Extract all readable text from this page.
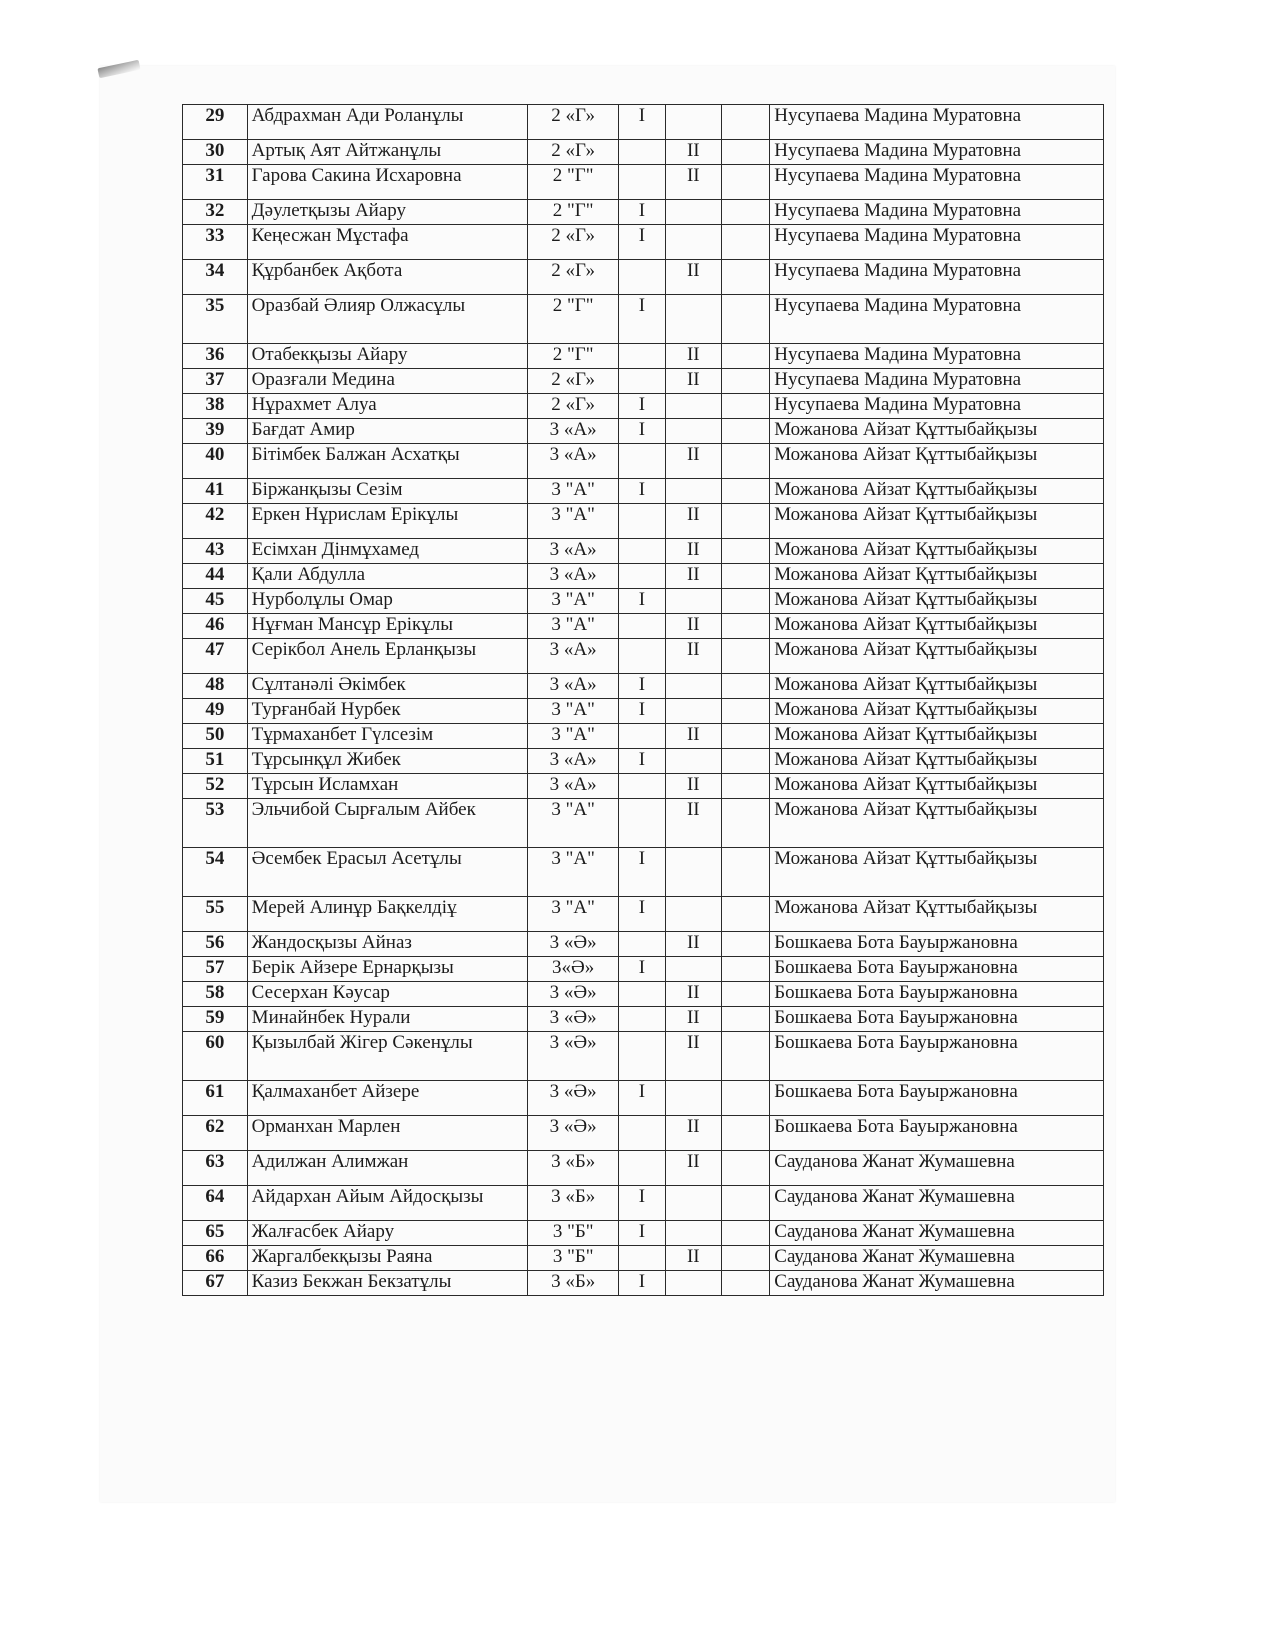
29	Абдрахман Ади Роланұлы	2 «Г»	I			Нусупаева Мадина Муратовна
30	Артық Аят Айтжанұлы	2 «Г»		II		Нусупаева Мадина Муратовна
31	Гарова Сакина Исхаровна	2 "Г"		II		Нусупаева Мадина Муратовна
32	Дәулетқызы Айару	2 "Г"	I			Нусупаева Мадина Муратовна
33	Кеңесжан Мұстафа	2 «Г»	I			Нусупаева Мадина Муратовна
34	Құрбанбек Ақбота	2 «Г»		II		Нусупаева Мадина Муратовна
35	Оразбай Әлияр Олжасұлы	2 "Г"	I			Нусупаева Мадина Муратовна
36	Отабекқызы Айару	2 "Г"		II		Нусупаева Мадина Муратовна
37	Оразғали Медина	2 «Г»		II		Нусупаева Мадина Муратовна
38	Нұрахмет Алуа	2 «Г»	I			Нусупаева Мадина Муратовна
39	Бағдат Амир	3 «А»	I			Можанова Айзат Құттыбайқызы
40	Бітімбек Балжан Асхатқы	3 «А»		II		Можанова Айзат Құттыбайқызы
41	Біржанқызы Сезім	3 "А"	I			Можанова Айзат Құттыбайқызы
42	Еркен Нұрислам Ерікұлы	3 "А"		II		Можанова Айзат Құттыбайқызы
43	Есімхан Дінмұхамед	3 «А»		II		Можанова Айзат Құттыбайқызы
44	Қали Абдулла	3 «А»		II		Можанова Айзат Құттыбайқызы
45	Нурболұлы Омар	3 "А"	I			Можанова Айзат Құттыбайқызы
46	Нұғман Мансұр Ерікұлы	3 "А"		II		Можанова Айзат Құттыбайқызы
47	Серікбол Анель Ерланқызы	3 «А»		II		Можанова Айзат Құттыбайқызы
48	Сұлтанәлі Әкімбек	3 «А»	I			Можанова Айзат Құттыбайқызы
49	Турғанбай Нурбек	3 "А"	I			Можанова Айзат Құттыбайқызы
50	Тұрмаханбет Гүлсезім	3 "А"		II		Можанова Айзат Құттыбайқызы
51	Тұрсынқұл Жибек	3 «А»	I			Можанова Айзат Құттыбайқызы
52	Тұрсын Исламхан	3 «А»		II		Можанова Айзат Құттыбайқызы
53	Эльчибой Сырғалым Айбек	3 "А"		II		Можанова Айзат Құттыбайқызы
54	Әсембек Ерасыл Асетұлы	3 "А"	I			Можанова Айзат Құттыбайқызы
55	Мерей Алинұр Бақкелдіұ	3 "А"	I			Можанова Айзат Құттыбайқызы
56	Жандосқызы Айназ	3 «Ә»		II		Бошкаева Бота Бауыржановна
57	Берік Айзере Ернарқызы	3«Ә»	I			Бошкаева Бота Бауыржановна
58	Сесерхан Кәусар	3 «Ә»		II		Бошкаева Бота Бауыржановна
59	Минайнбек Нурали	3 «Ә»		II		Бошкаева Бота Бауыржановна
60	Қызылбай Жігер Сәкенұлы	3 «Ә»		II		Бошкаева Бота Бауыржановна
61	Қалмаханбет Айзере	3 «Ә»	I			Бошкаева Бота Бауыржановна
62	Орманхан Марлен	3 «Ә»		II		Бошкаева Бота Бауыржановна
63	Адилжан Алимжан	3 «Б»		II		Сауданова Жанат Жумашевна
64	Айдархан Айым Айдосқызы	3 «Б»	I			Сауданова Жанат Жумашевна
65	Жалғасбек Айару	3 "Б"	I			Сауданова Жанат Жумашевна
66	Жаргалбекқызы Раяна	3 "Б"		II		Сауданова Жанат Жумашевна
67	Казиз Бекжан Бекзатұлы	3 «Б»	I			Сауданова Жанат Жумашевна
